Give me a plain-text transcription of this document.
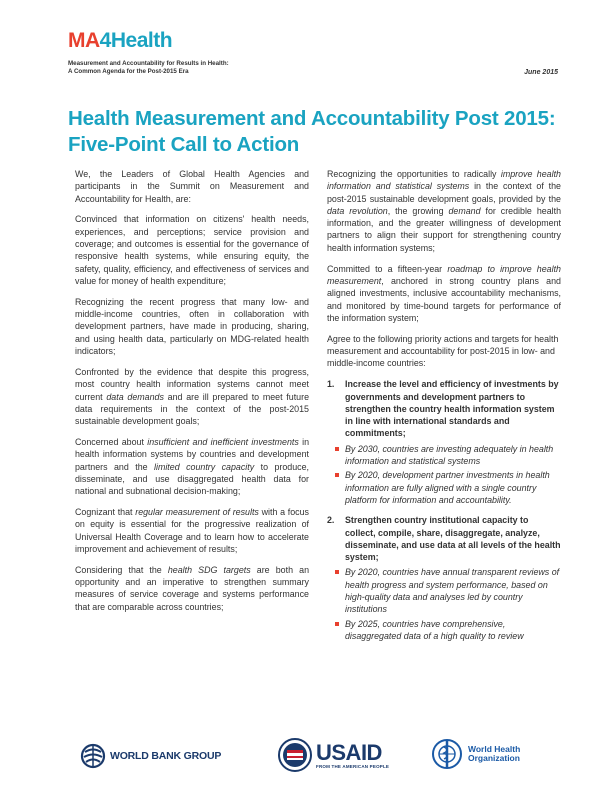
MA4Health
Measurement and Accountability for Results in Health:
A Common Agenda for the Post-2015 Era	June 2015
Health Measurement and Accountability Post 2015: Five-Point Call to Action

We, the Leaders of Global Health Agencies and participants in the Summit on Measurement and Accountability for Health, are:

Convinced that information on citizens' health needs, experiences, and perceptions; service provision and coverage; and outcomes is essential for the governance of responsive health systems, while ensuring equity, the safety, quality, efficiency, and effectiveness of services and value for money of health expenditure;

Recognizing the recent progress that many low- and middle-income countries, often in collaboration with development partners, have made in producing, sharing, and using health data, particularly on MDG-related health indicators;

Confronted by the evidence that despite this progress, most country health information systems cannot meet current data demands and are ill prepared to meet future data requirements in the context of the post-2015 sustainable development goals;

Concerned about insufficient and inefficient investments in health information systems by countries and development partners and the limited country capacity to produce, disseminate, and use disaggregated health data for national and subnational decision-making;

Cognizant that regular measurement of results with a focus on equity is essential for the progressive realization of Universal Health Coverage and to learn how to accelerate improvement and achievement of results;

Considering that the health SDG targets are both an opportunity and an imperative to strengthen summary measures of service coverage and systems performance that are comparable across countries;

Recognizing the opportunities to radically improve health information and statistical systems in the context of the post-2015 sustainable development goals, provided by the data revolution, the growing demand for credible health information, and the greater willingness of development partners to align their support for strengthening country health information systems;

Committed to a fifteen-year roadmap to improve health measurement, anchored in strong country plans and aligned investments, inclusive accountability mechanisms, and monitored by time-bound targets for performance of the information system;

Agree to the following priority actions and targets for health measurement and accountability for post-2015 in low- and middle-income countries:

1. Increase the level and efficiency of investments by governments and development partners to strengthen the country health information system in line with international standards and commitments;
By 2030, countries are investing adequately in health information and statistical systems
By 2020, development partner investments in health information are fully aligned with a single country platform for information and accountability.
2. Strengthen country institutional capacity to collect, compile, share, disaggregate, analyze, disseminate, and use data at all levels of the health system;
By 2020, countries have annual transparent reviews of health progress and system performance, based on high-quality data and analyses led by country institutions
By 2025, countries have comprehensive, disaggregated data of a high quality to review
WORLD BANK GROUP	USAID
FROM THE AMERICAN PEOPLE
World Health
Organization
